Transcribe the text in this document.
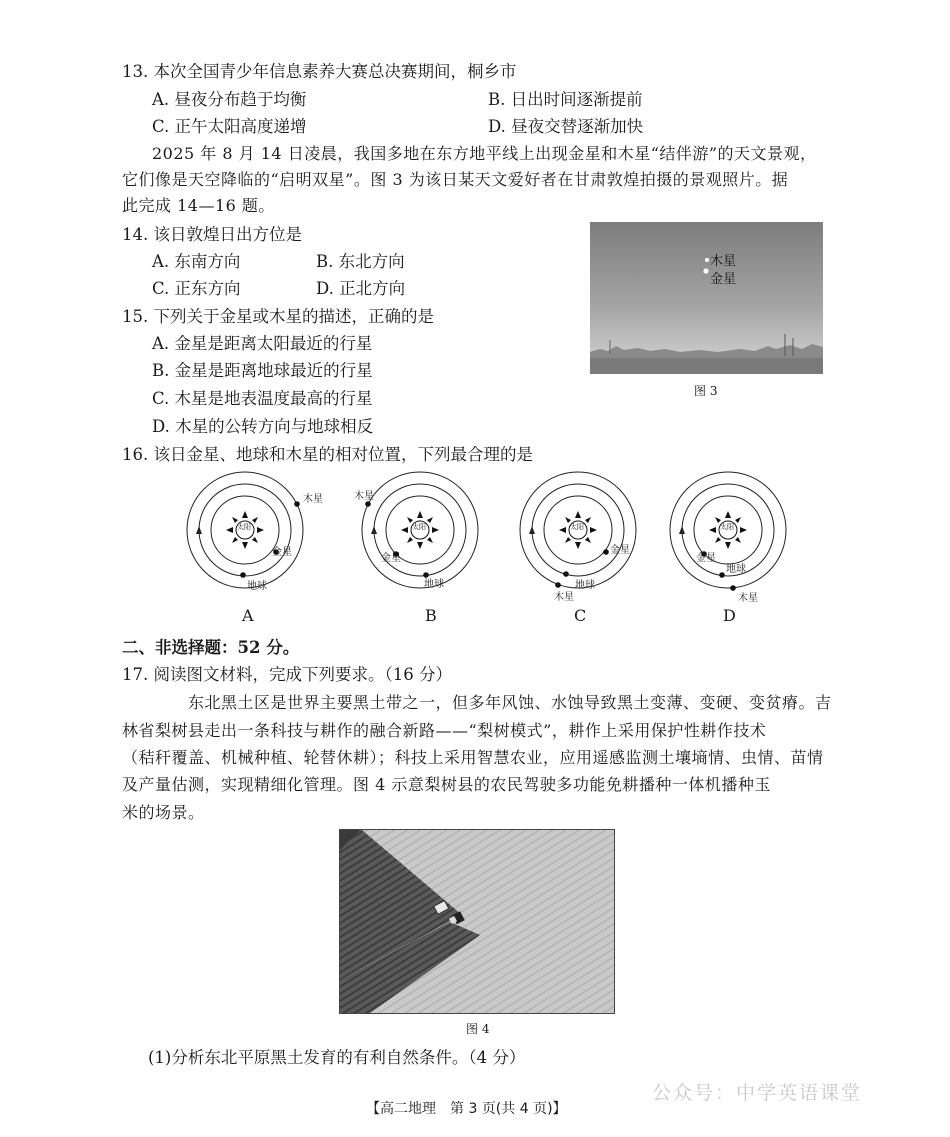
13. 本次全国青少年信息素养大赛总决赛期间，桐乡市
A. 昼夜分布趋于均衡	B. 日出时间逐渐提前
C. 正午太阳高度递增	D. 昼夜交替逐渐加快
2025 年 8 月 14 日凌晨，我国多地在东方地平线上出现金星和木星“结伴游”的天文景观，
它们像是天空降临的“启明双星”。图 3 为该日某天文爱好者在甘肃敦煌拍摄的景观照片。据
此完成 14—16 题。
14. 该日敦煌日出方位是
A. 东南方向	B. 东北方向
C. 正东方向	D. 正北方向
15. 下列关于金星或木星的描述，正确的是
A. 金星是距离太阳最近的行星
B. 金星是距离地球最近的行星
C. 木星是地表温度最高的行星
D. 木星的公转方向与地球相反
木星
金星
图 3
16. 该日金星、地球和木星的相对位置，下列最合理的是
太阳
金星
地球
木星
太阳
金星
地球
木星
太阳
金星
地球
木星
太阳
金星
地球
木星
A	B	C	D
二、非选择题：52 分。
17. 阅读图文材料，完成下列要求。（16 分）
东北黑土区是世界主要黑土带之一，但多年风蚀、水蚀导致黑土变薄、变硬、变贫瘠。吉
林省梨树县走出一条科技与耕作的融合新路——“梨树模式”，耕作上采用保护性耕作技术
（秸秆覆盖、机械种植、轮替休耕）；科技上采用智慧农业，应用遥感监测土壤墒情、虫情、苗情
及产量估测，实现精细化管理。图 4 示意梨树县的农民驾驶多功能免耕播种一体机播种玉
米的场景。
图 4
(1)分析东北平原黑土发育的有利自然条件。（4 分）
【高二地理　第 3 页(共 4 页)】
公众号：中学英语课堂
